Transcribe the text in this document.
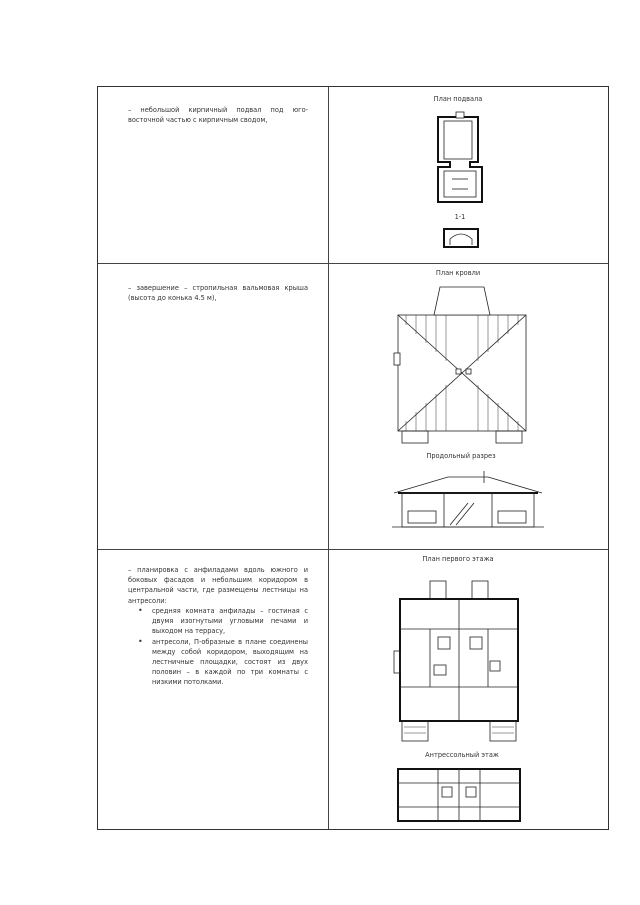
– небольшой кирпичный подвал под юго-восточной частью с кирпичным сводом,
– завершение – стропильная вальмовая крыша (высота до конька 4.5 м),
– планировка с анфиладами вдоль южного и боковых фасадов и небольшим коридором в центральной части, где размещены лестницы на антресоли:
• средняя комната анфилады – гостиная с двумя изогнутыми угловыми печами и выходом на террасу,
• антресоли, П-образные в плане соединены между собой коридором, выходящим на лестничные площадки, состоят из двух половин – в каждой по три комнаты с низкими потолками.
План подвала
1-1
План кровли
Продольный разрез
План первого этажа
Антрессольный этаж
